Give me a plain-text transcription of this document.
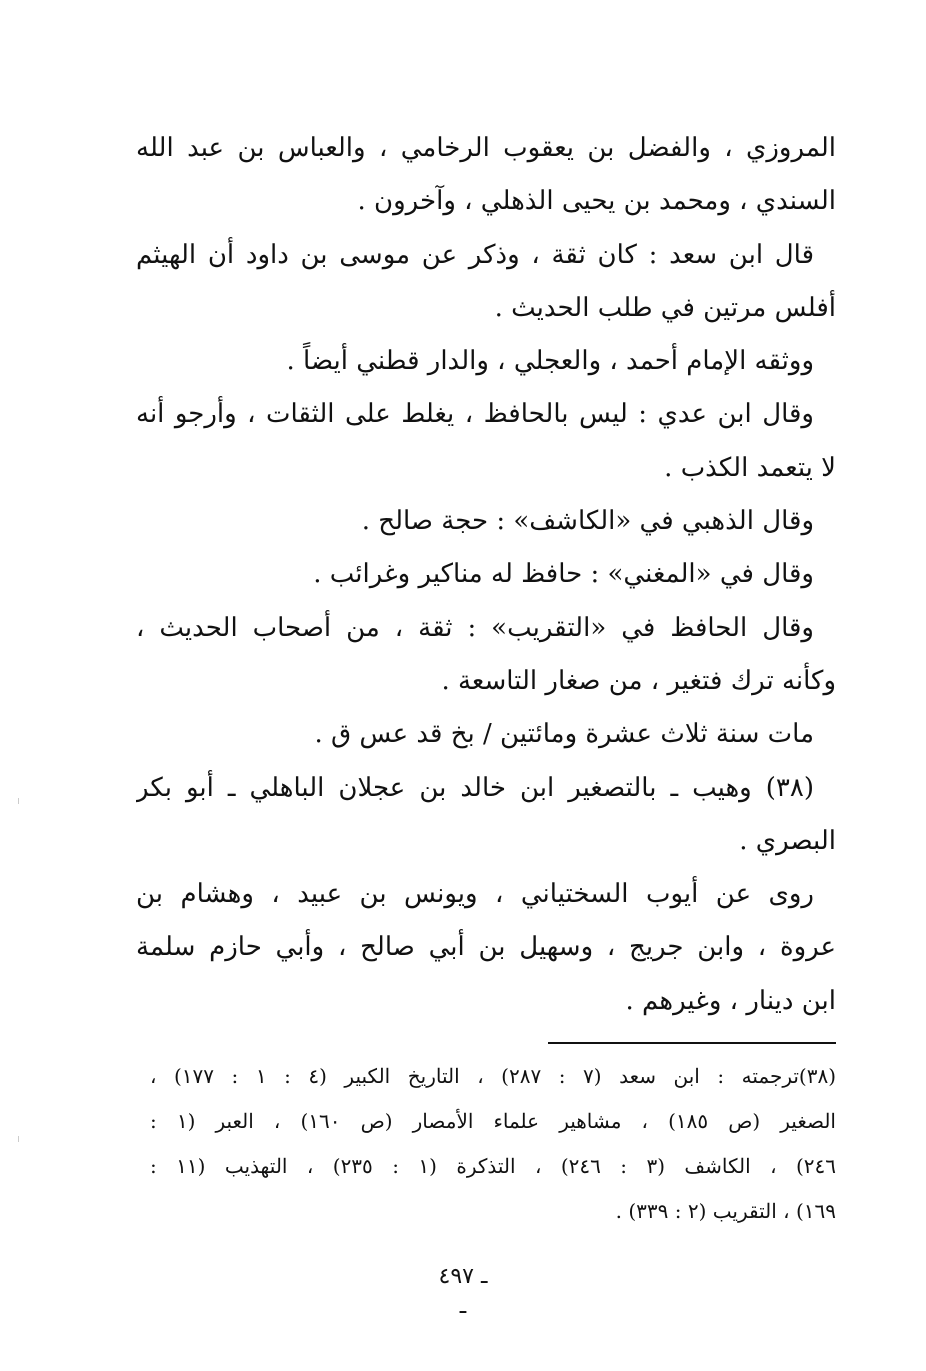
المروزي ، والفضل بن يعقوب الرخامي ، والعباس بن عبد الله
السندي ، ومحمد بن يحيى الذهلي ، وآخرون .
قال ابن سعد : كان ثقة ، وذكر عن موسى بن داود أن الهيثم
أفلس مرتين في طلب الحديث .
ووثقه الإمام أحمد ، والعجلي ، والدار قطني أيضاً .
وقال ابن عدي : ليس بالحافظ ، يغلط على الثقات ، وأرجو أنه
لا يتعمد الكذب .
وقال الذهبي في «الكاشف» : حجة صالح .
وقال في «المغني» : حافظ له مناكير وغرائب .
وقال الحافظ في «التقريب» : ثقة ، من أصحاب الحديث ،
وكأنه ترك فتغير ، من صغار التاسعة .
مات سنة ثلاث عشرة ومائتين / بخ قد عس ق .
(٣٨) وهيب ـ بالتصغير ابن خالد بن عجلان الباهلي ـ أبو بكر
البصري .
روى عن أيوب السختياني ، ويونس بن عبيد ، وهشام بن
عروة ، وابن جريج ، وسهيل بن أبي صالح ، وأبي حازم سلمة
ابن دينار ، وغيرهم .
(٣٨)ترجمته : ابن سعد (٧ : ٢٨٧) ، التاريخ الكبير (٤ : ١ : ١٧٧) ،
الصغير (ص ١٨٥) ، مشاهير علماء الأمصار (ص ١٦٠) ، العبر (١ :
٢٤٦) ، الكاشف (٣ : ٢٤٦) ، التذكرة (١ : ٢٣٥) ، التهذيب (١١ :
١٦٩) ، التقريب (٢ : ٣٣٩) .
ـ ٤٩٧ ـ
